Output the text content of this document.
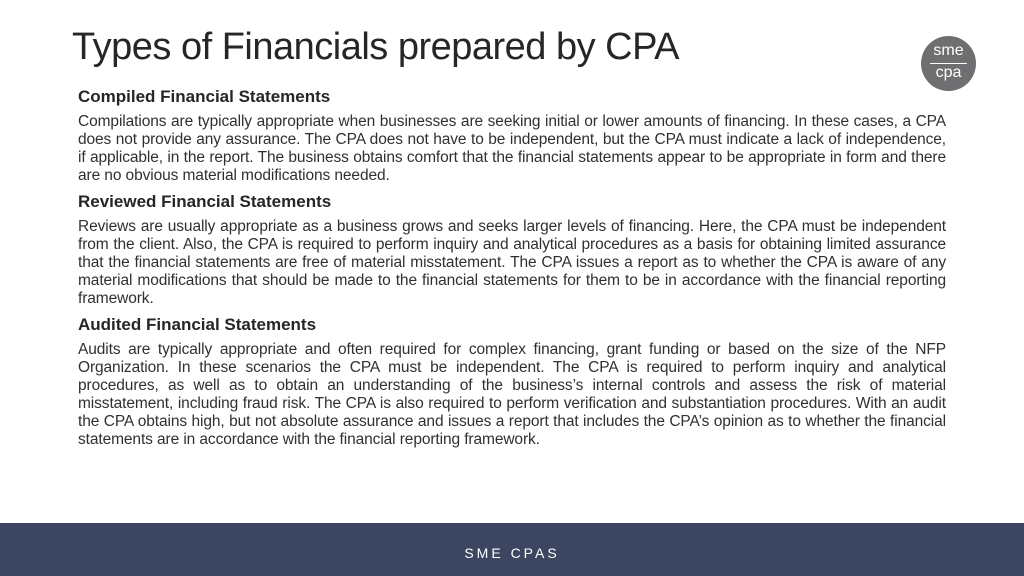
Types of Financials prepared by CPA	sme
cpa
Compiled Financial Statements

Compilations are typically appropriate when businesses are seeking initial or lower amounts of financing. In these cases, a CPA does not provide any assurance. The CPA does not have to be independent, but the CPA must indicate a lack of independence, if applicable, in the report. The business obtains comfort that the financial statements appear to be appropriate in form and there are no obvious material modifications needed.

Reviewed Financial Statements

Reviews are usually appropriate as a business grows and seeks larger levels of financing. Here, the CPA must be independent from the client. Also, the CPA is required to perform inquiry and analytical procedures as a basis for obtaining limited assurance that the financial statements are free of material misstatement. The CPA issues a report as to whether the CPA is aware of any material modifications that should be made to the financial statements for them to be in accordance with the financial reporting framework.

Audited Financial Statements

Audits are typically appropriate and often required for complex financing, grant funding or based on the size of the NFP Organization. In these scenarios the CPA must be independent. The CPA is required to perform inquiry and analytical procedures, as well as to obtain an understanding of the business’s internal controls and assess the risk of material misstatement, including fraud risk. The CPA is also required to perform verification and substantiation procedures. With an audit the CPA obtains high, but not absolute assurance and issues a report that includes the CPA’s opinion as to whether the financial statements are in accordance with the financial reporting framework.

SME CPAS
